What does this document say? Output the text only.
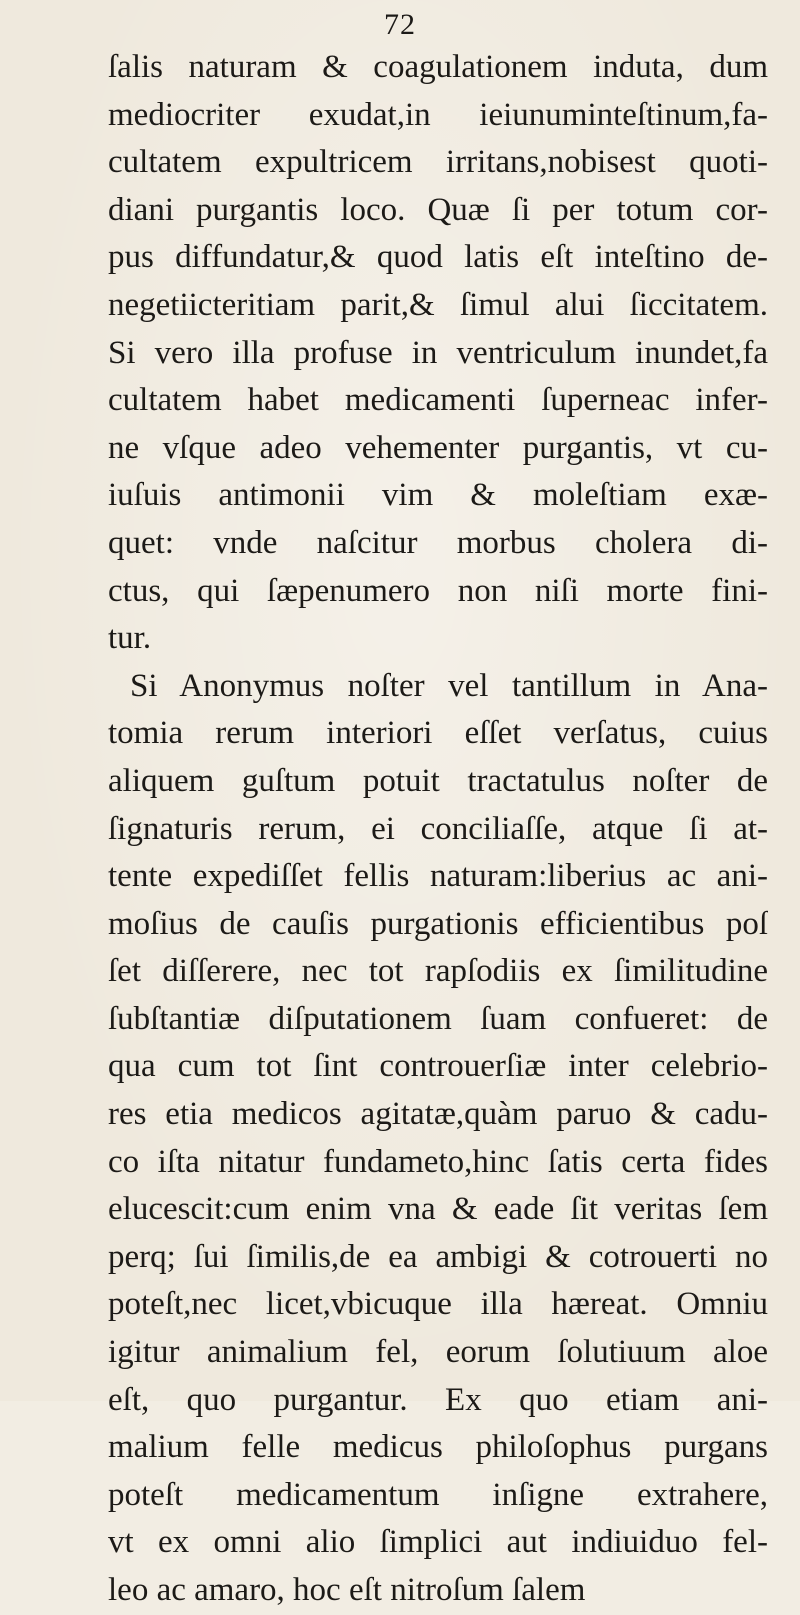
72
ſalis naturam & coagulationem induta, dum
mediocriter exudat,in ieiunuminteſtinum,fa-
cultatem expultricem irritans,nobisest quoti-
diani purgantis loco. Quæ ſi per totum cor-
pus diffundatur,& quod latis eſt inteſtino de-
negetiicteritiam parit,& ſimul alui ſiccitatem.
Si vero illa profuse in ventriculum inundet,fa
cultatem habet medicamenti ſuperneac infer-
ne vſque adeo vehementer purgantis, vt cu-
iuſuis antimonii vim & moleſtiam exæ-
quet: vnde naſcitur morbus cholera di-
ctus, qui ſæpenumero non niſi morte fini-
tur.
Si Anonymus noſter vel tantillum in Ana-
tomia rerum interiori eſſet verſatus, cuius
aliquem guſtum potuit tractatulus noſter de
ſignaturis rerum, ei conciliaſſe, atque ſi at-
tente expediſſet fellis naturam:liberius ac ani-
moſius de cauſis purgationis efficientibus poſ
ſet diſſerere, nec tot rapſodiis ex ſimilitudine
ſubſtantiæ diſputationem ſuam confueret: de
qua cum tot ſint controuerſiæ inter celebrio-
res etia medicos agitatæ,quàm paruo & cadu-
co iſta nitatur fundameto,hinc ſatis certa fides
elucescit:cum enim vna & eade ſit veritas ſem
perq; ſui ſimilis,de ea ambigi & cotrouerti no
poteſt,nec licet,vbicuque illa hæreat. Omniu
igitur animalium fel, eorum ſolutiuum aloe
eſt, quo purgantur. Ex quo etiam ani-
malium felle medicus philoſophus purgans
poteſt medicamentum inſigne extrahere,
vt ex omni alio ſimplici aut indiuiduo fel-
leo ac amaro, hoc eſt nitroſum ſalem
